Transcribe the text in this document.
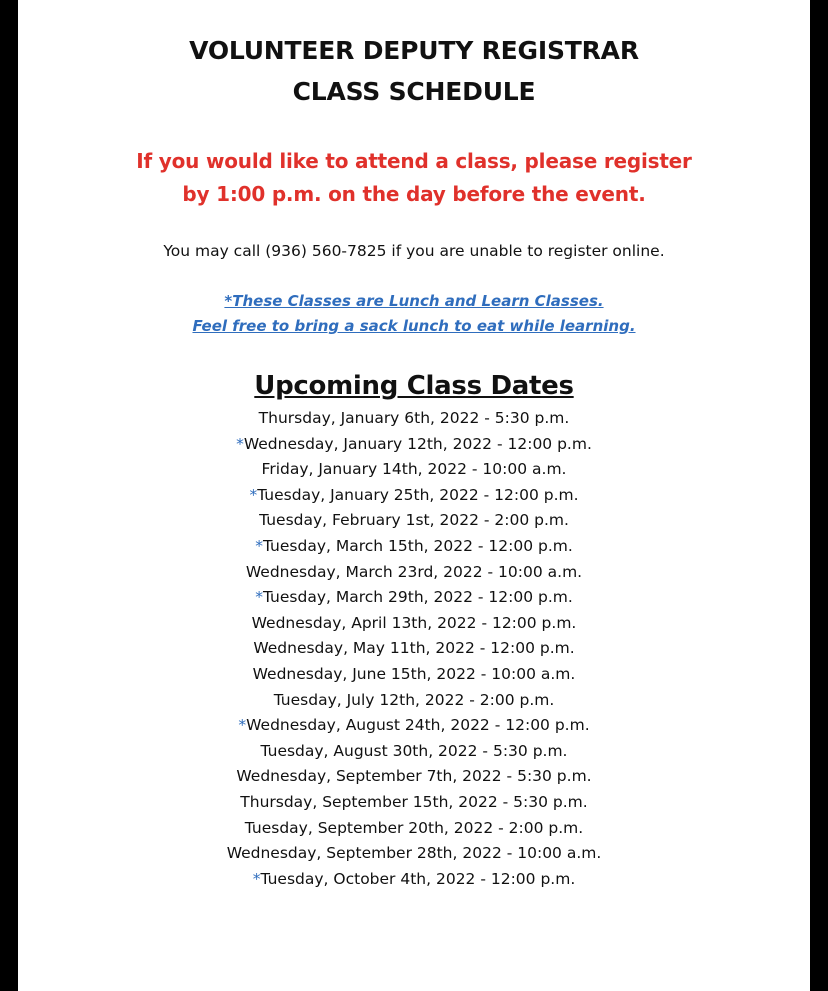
VOLUNTEER DEPUTY REGISTRAR
CLASS SCHEDULE
If you would like to attend a class, please register
by 1:00 p.m. on the day before the event.
You may call (936) 560-7825 if you are unable to register online.
*These Classes are Lunch and Learn Classes.
Feel free to bring a sack lunch to eat while learning.
Upcoming Class Dates
Thursday, January 6th, 2022 - 5:30 p.m.
*Wednesday, January 12th, 2022 - 12:00 p.m.
Friday, January 14th, 2022 - 10:00 a.m.
*Tuesday, January 25th, 2022 - 12:00 p.m.
Tuesday, February 1st, 2022 - 2:00 p.m.
*Tuesday, March 15th, 2022 - 12:00 p.m.
Wednesday, March 23rd, 2022 - 10:00 a.m.
*Tuesday, March 29th, 2022 - 12:00 p.m.
Wednesday, April 13th, 2022 - 12:00 p.m.
Wednesday, May 11th, 2022 - 12:00 p.m.
Wednesday, June 15th, 2022 - 10:00 a.m.
Tuesday, July 12th, 2022 - 2:00 p.m.
*Wednesday, August 24th, 2022 - 12:00 p.m.
Tuesday, August 30th, 2022 - 5:30 p.m.
Wednesday, September 7th, 2022 - 5:30 p.m.
Thursday, September 15th, 2022 - 5:30 p.m.
Tuesday, September 20th, 2022 - 2:00 p.m.
Wednesday, September 28th, 2022 - 10:00 a.m.
*Tuesday, October 4th, 2022 - 12:00 p.m.
